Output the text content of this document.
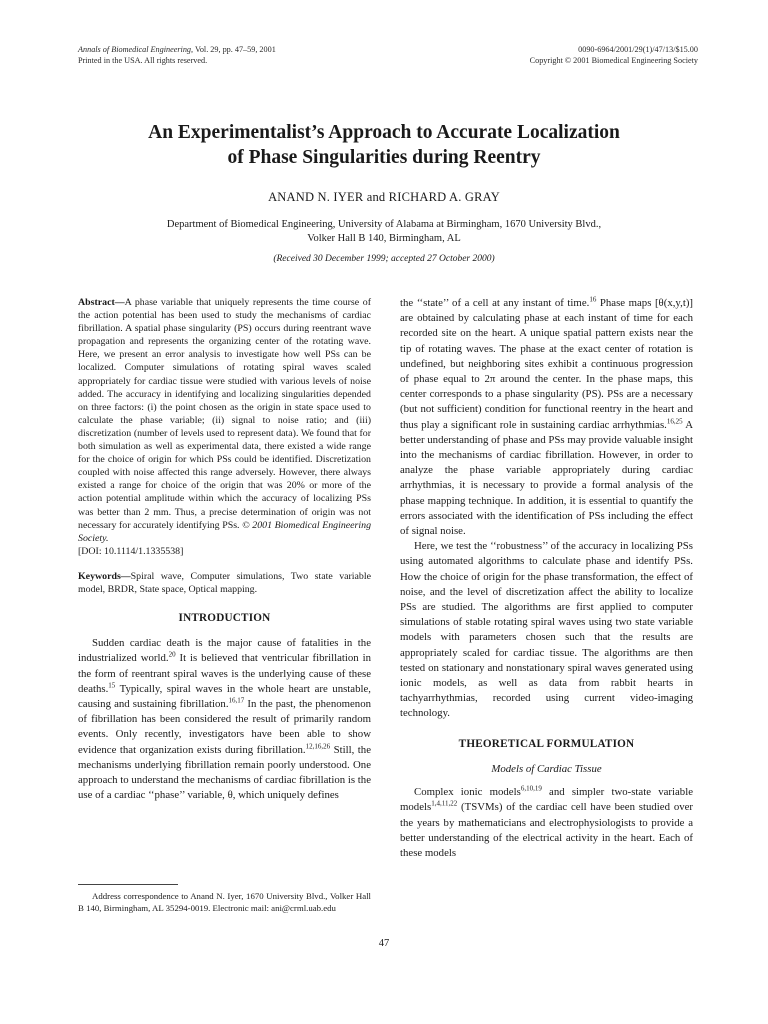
Annals of Biomedical Engineering, Vol. 29, pp. 47–59, 2001
Printed in the USA. All rights reserved.
0090-6964/2001/29(1)/47/13/$15.00
Copyright © 2001 Biomedical Engineering Society
An Experimentalist’s Approach to Accurate Localization
of Phase Singularities during Reentry
ANAND N. IYER and RICHARD A. GRAY
Department of Biomedical Engineering, University of Alabama at Birmingham, 1670 University Blvd.,
Volker Hall B 140, Birmingham, AL
(Received 30 December 1999; accepted 27 October 2000)

Abstract—A phase variable that uniquely represents the time course of the action potential has been used to study the mechanisms of cardiac fibrillation. A spatial phase singularity (PS) occurs during reentrant wave propagation and represents the organizing center of the rotating wave. Here, we present an error analysis to investigate how well PSs can be localized. Computer simulations of rotating spiral waves scaled appropriately for cardiac tissue were studied with various levels of noise added. The accuracy in identifying and localizing singularities depended on three factors: (i) the point chosen as the origin in state space used to calculate the phase variable; (ii) signal to noise ratio; and (iii) discretization (number of levels used to represent data). We found that for both simulation as well as experimental data, there existed a wide range for the choice of origin for which PSs could be identified. Discretization coupled with noise affected this range adversely. However, there always existed a range for choice of the origin that was 20% or more of the action potential amplitude within which the accuracy of localizing PSs was better than 2 mm. Thus, a precise determination of origin was not necessary for accurately identifying PSs. © 2001 Biomedical Engineering Society.
[DOI: 10.1114/1.1335538]

Keywords—Spiral wave, Computer simulations, Two state variable model, BRDR, State space, Optical mapping.

INTRODUCTION

Sudden cardiac death is the major cause of fatalities in the industrialized world.$^{20}$ It is believed that ventricular fibrillation in the form of reentrant spiral waves is the underlying cause of these deaths.$^{15}$ Typically, spiral waves in the whole heart are unstable, causing and sustaining fibrillation.$^{16,17}$ In the past, the phenomenon of fibrillation has been considered the result of primarily random events. Only recently, investigators have been able to show evidence that organization exists during fibrillation.$^{12,16,26}$ Still, the mechanisms underlying fibrillation remain poorly understood. One approach to understand the mechanisms of cardiac fibrillation is the use of a cardiac ‘‘phase’’ variable, θ, which uniquely defines

Address correspondence to Anand N. Iyer, 1670 University Blvd., Volker Hall B 140, Birmingham, AL 35294-0019. Electronic mail: ani@crml.uab.edu

the ‘‘state’’ of a cell at any instant of time.$^{16}$ Phase maps [θ(x,y,t)] are obtained by calculating phase at each instant of time for each recorded site on the heart. A unique spatial pattern exists near the tip of rotating waves. The phase at the exact center of rotation is undefined, but neighboring sites exhibit a continuous progression of phase equal to 2π around the center. In the phase maps, this center corresponds to a phase singularity (PS). PSs are a necessary (but not sufficient) condition for functional reentry in the heart and thus play a significant role in sustaining cardiac arrhythmias.$^{16,25}$ A better understanding of phase and PSs may provide valuable insight into the mechanisms of cardiac fibrillation. However, in order to analyze the phase variable appropriately during cardiac arrhythmias, it is necessary to provide a formal analysis of the phase mapping technique. In addition, it is essential to quantify the errors associated with the identification of PSs including the effect of signal noise.

Here, we test the ‘‘robustness’’ of the accuracy in localizing PSs using automated algorithms to calculate phase and identify PSs. How the choice of origin for the phase transformation, the effect of noise, and the level of discretization affect the ability to localize PSs are studied. The algorithms are first applied to computer simulations of stable rotating spiral waves using two state variable models with parameters chosen such that the results are appropriately scaled for cardiac tissue. The algorithms are then tested on stationary and nonstationary spiral waves generated using ionic models, as well as data from rabbit hearts in tachyarrhythmias, recorded using current video-imaging technology.

THEORETICAL FORMULATION
Models of Cardiac Tissue

Complex ionic models$^{6,10,19}$ and simpler two-state variable models$^{1,4,11,22}$ (TSVMs) of the cardiac cell have been studied over the years by mathematicians and electrophysiologists to provide a better understanding of the electrical activity in the heart. Each of these models

47
